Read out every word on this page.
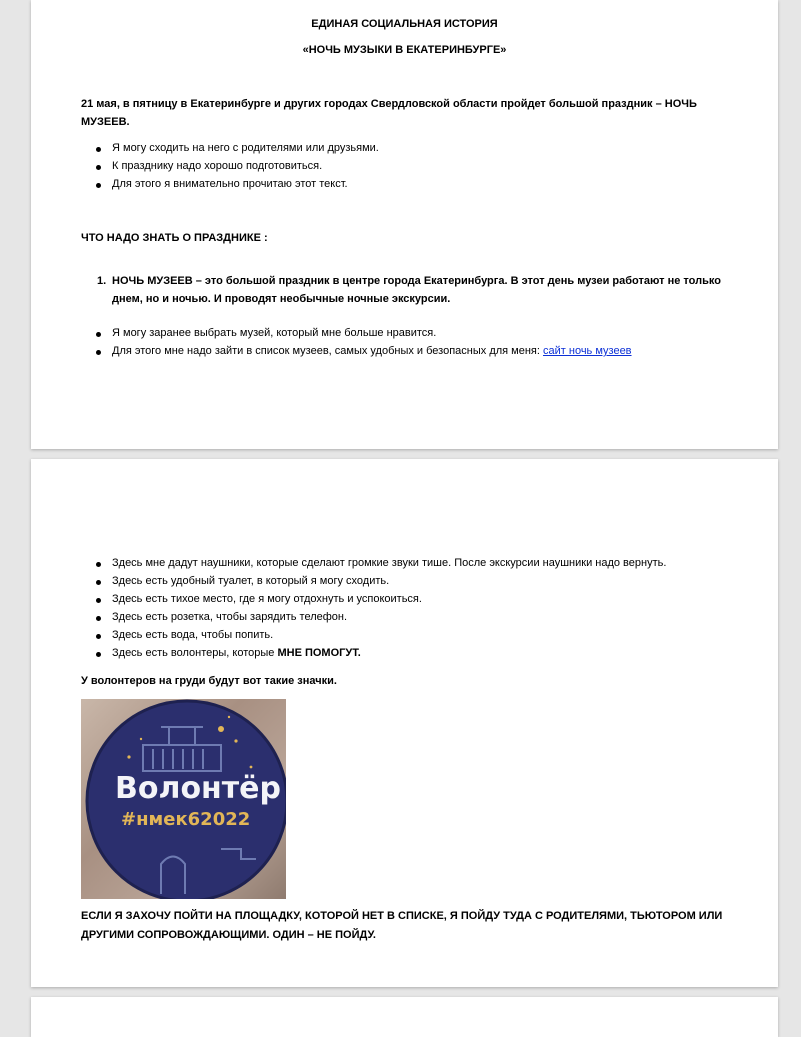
ЕДИНАЯ СОЦИАЛЬНАЯ ИСТОРИЯ
«НОЧЬ МУЗЫКИ В ЕКАТЕРИНБУРГЕ»
21 мая, в пятницу в Екатеринбурге и других городах Свердловской области пройдет большой праздник – НОЧЬ
МУЗЕЕВ.
Я могу сходить на него с родителями или друзьями.
К празднику надо хорошо подготовиться.
Для этого я внимательно прочитаю этот текст.
ЧТО НАДО ЗНАТЬ О ПРАЗДНИКЕ :
1. НОЧЬ МУЗЕЕВ – это большой праздник в центре города Екатеринбурга. В этот день музеи работают не только
днем, но и ночью. И проводят необычные ночные экскурсии.
Я могу заранее выбрать музей, который мне больше нравится.
Для этого мне надо зайти в список музеев, самых удобных и безопасных для меня: сайт ночь музеев
Здесь мне дадут наушники, которые сделают громкие звуки тише. После экскурсии наушники надо вернуть.
Здесь есть удобный туалет, в который я могу сходить.
Здесь есть тихое место, где я могу отдохнуть и успокоиться.
Здесь есть розетка, чтобы зарядить телефон.
Здесь есть вода, чтобы попить.
Здесь есть волонтеры, которые МНЕ ПОМОГУТ.
У волонтеров на груди будут вот такие значки.
Волонтёр
#нмек62022
ЕСЛИ Я ЗАХОЧУ ПОЙТИ НА ПЛОЩАДКУ, КОТОРОЙ НЕТ В СПИСКЕ, Я ПОЙДУ ТУДА С РОДИТЕЛЯМИ, ТЬЮТОРОМ ИЛИ
ДРУГИМИ СОПРОВОЖДАЮЩИМИ. ОДИН – НЕ ПОЙДУ.
